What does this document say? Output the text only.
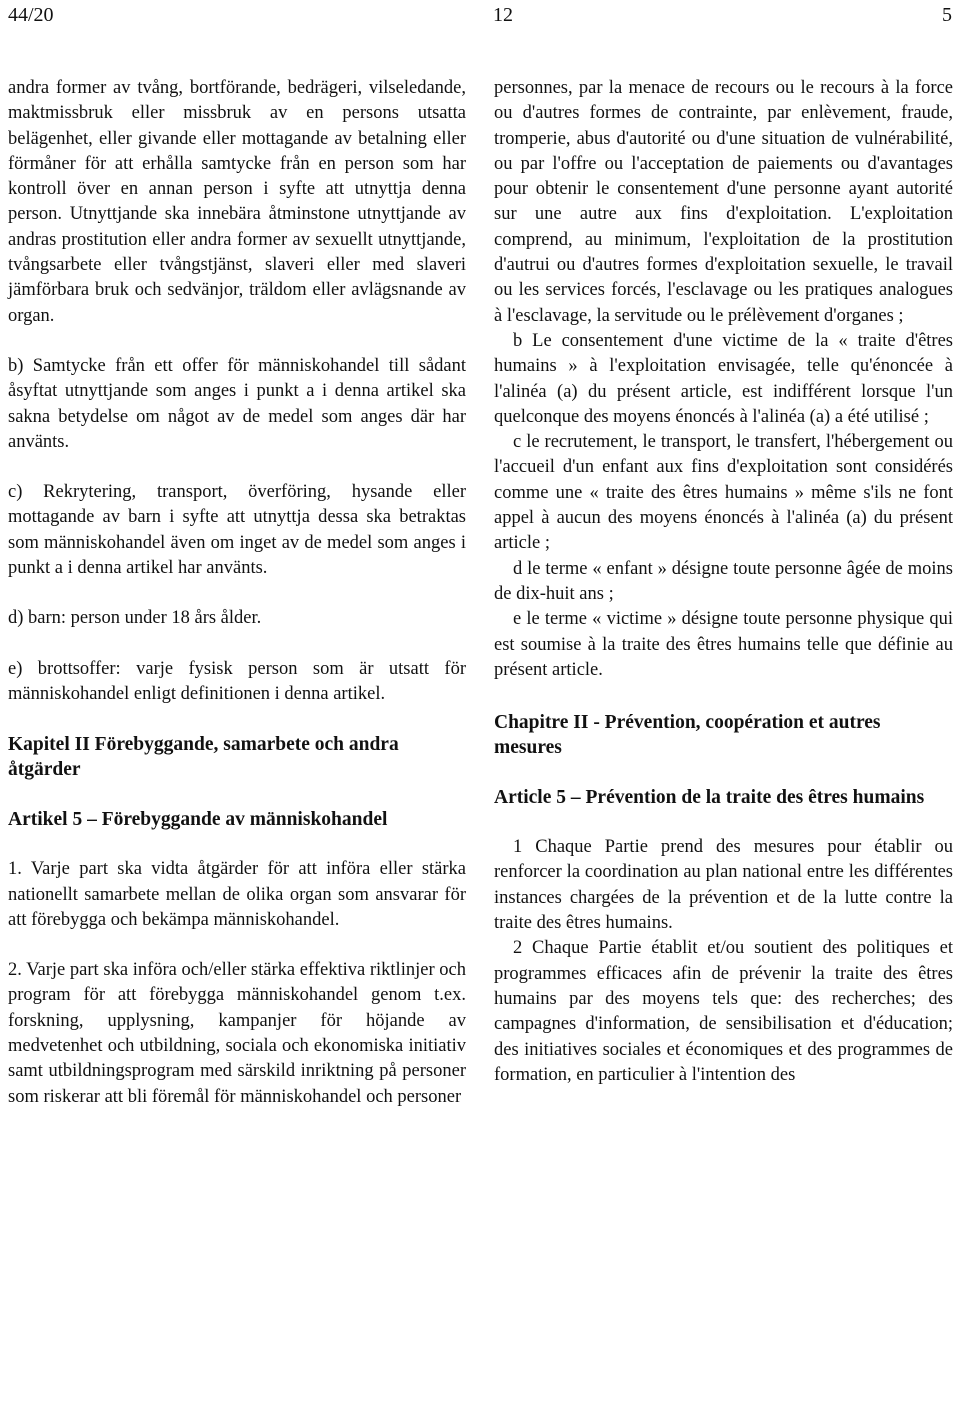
44/20	12	5

andra former av tvång, bortförande, bedrägeri, vilseledande, maktmissbruk eller missbruk av en persons utsatta belägenhet, eller givande eller mottagande av betalning eller förmåner för att erhålla samtycke från en person som har kontroll över en annan person i syfte att utnyttja denna person. Utnyttjande ska innebära åtminstone utnyttjande av andras prostitution eller andra former av sexuellt utnyttjande, tvångsarbete eller tvångstjänst, slaveri eller med slaveri jämförbara bruk och sedvänjor, träldom eller avlägsnande av organ.

b) Samtycke från ett offer för människohandel till sådant åsyftat utnyttjande som anges i punkt a i denna artikel ska sakna betydelse om något av de medel som anges där har använts.

c) Rekrytering, transport, överföring, hysande eller mottagande av barn i syfte att utnyttja dessa ska betraktas som människohandel även om inget av de medel som anges i punkt a i denna artikel har använts.

d) barn: person under 18 års ålder.

e) brottsoffer: varje fysisk person som är utsatt för människohandel enligt definitionen i denna artikel.

Kapitel II Förebyggande, samarbete och andra åtgärder

Artikel 5 – Förebyggande av människohandel

1. Varje part ska vidta åtgärder för att införa eller stärka nationellt samarbete mellan de olika organ som ansvarar för att förebygga och bekämpa människohandel.

2. Varje part ska införa och/eller stärka effektiva riktlinjer och program för att förebygga människohandel genom t.ex. forskning, upplysning, kampanjer för höjande av medvetenhet och utbildning, sociala och ekonomiska initiativ samt utbildningsprogram med särskild inriktning på personer som riskerar att bli föremål för människohandel och personer

personnes, par la menace de recours ou le recours à la force ou d'autres formes de contrainte, par enlèvement, fraude, tromperie, abus d'autorité ou d'une situation de vulnérabilité, ou par l'offre ou l'acceptation de paiements ou d'avantages pour obtenir le consentement d'une personne ayant autorité sur une autre aux fins d'exploitation. L'exploitation comprend, au minimum, l'exploitation de la prostitution d'autrui ou d'autres formes d'exploitation sexuelle, le travail ou les services forcés, l'esclavage ou les pratiques analogues à l'esclavage, la servitude ou le prélèvement d'organes ;

b Le consentement d'une victime de la « traite d'êtres humains » à l'exploitation envisagée, telle qu'énoncée à l'alinéa (a) du présent article, est indifférent lorsque l'un quelconque des moyens énoncés à l'alinéa (a) a été utilisé ;

c le recrutement, le transport, le transfert, l'hébergement ou l'accueil d'un enfant aux fins d'exploitation sont considérés comme une « traite des êtres humains » même s'ils ne font appel à aucun des moyens énoncés à l'alinéa (a) du présent article ;

d le terme « enfant » désigne toute personne âgée de moins de dix-huit ans ;

e le terme « victime » désigne toute personne physique qui est soumise à la traite des êtres humains telle que définie au présent article.

Chapitre II - Prévention, coopération et autres mesures

Article 5 – Prévention de la traite des êtres humains

1 Chaque Partie prend des mesures pour établir ou renforcer la coordination au plan national entre les différentes instances chargées de la prévention et de la lutte contre la traite des êtres humains.

2 Chaque Partie établit et/ou soutient des politiques et programmes efficaces afin de prévenir la traite des êtres humains par des moyens tels que: des recherches; des campagnes d'information, de sensibilisation et d'éducation; des initiatives sociales et économiques et des programmes de formation, en particulier à l'intention des
